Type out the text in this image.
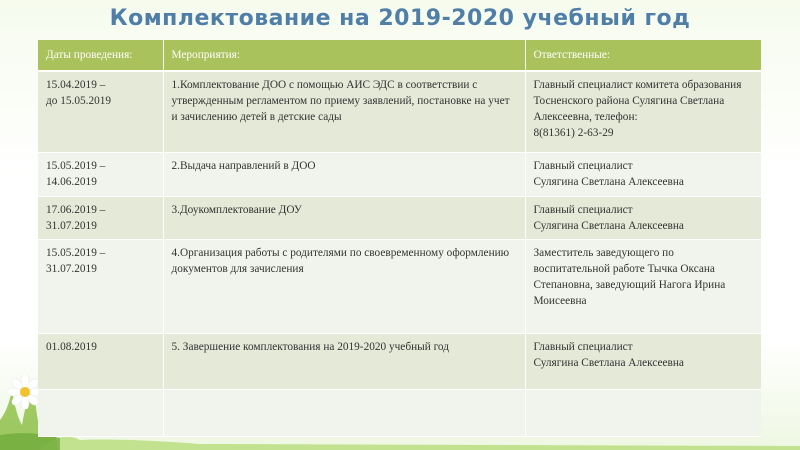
Комплектование на 2019-2020 учебный год
Даты проведения:	Мероприятия:	Ответственные:
15.04.2019 –
до 15.05.2019	1.Комплектование ДОО с помощью АИС ЭДС в соответствии с утвержденным регламентом по приему заявлений, постановке на учет и зачислению детей в детские сады	Главный специалист комитета образования Тосненского района Сулягина Светлана Алексеевна, телефон:
8(81361) 2-63-29
15.05.2019 –
14.06.2019	2.Выдача направлений в ДОО	Главный специалист
Сулягина Светлана Алексеевна
17.06.2019 –
31.07.2019	3.Доукомплектование ДОУ	Главный специалист
Сулягина Светлана Алексеевна
15.05.2019 –
31.07.2019	4.Организация работы с родителями по своевременному оформлению документов для зачисления	Заместитель заведующего по воспитательной работе Тычка Оксана Степановна, заведующий Нагога Ирина Моисеевна
01.08.2019	5. Завершение комплектования на 2019-2020 учебный год	Главный специалист
Сулягина Светлана Алексеевна
